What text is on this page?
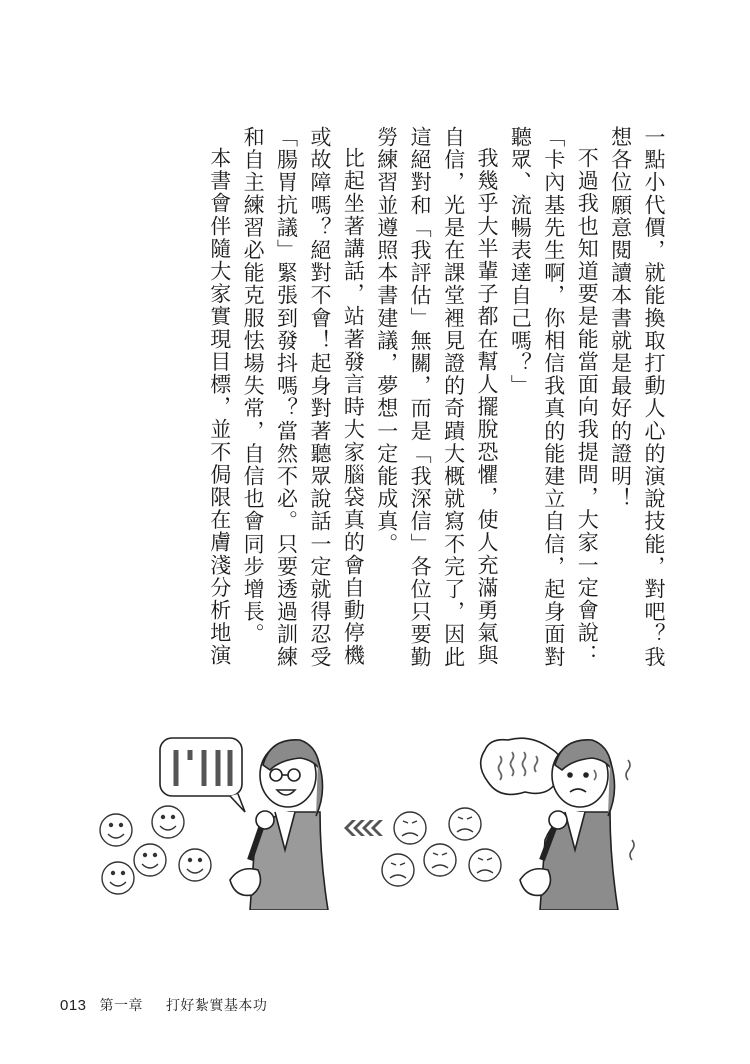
一點小代價，就能換取打動人心的演說技能，對吧？我想各位願意閱讀本書就是最好的證明！

不過我也知道要是能當面向我提問，大家一定會說：「卡內基先生啊，你相信我真的能建立自信，起身面對聽眾、流暢表達自己嗎？」

我幾乎大半輩子都在幫人擺脫恐懼，使人充滿勇氣與自信，光是在課堂裡見證的奇蹟大概就寫不完了，因此這絕對和「我評估」無關，而是「我深信」各位只要勤勞練習並遵照本書建議，夢想一定能成真。

比起坐著講話，站著發言時大家腦袋真的會自動停機或故障嗎？絕對不會！起身對著聽眾說話一定就得忍受「腸胃抗議」緊張到發抖嗎？當然不必。只要透過訓練和自主練習必能克服怯場失常，自信也會同步增長。

本書會伴隨大家實現目標，並不侷限在膚淺分析地演

013 第一章 打好紮實基本功
